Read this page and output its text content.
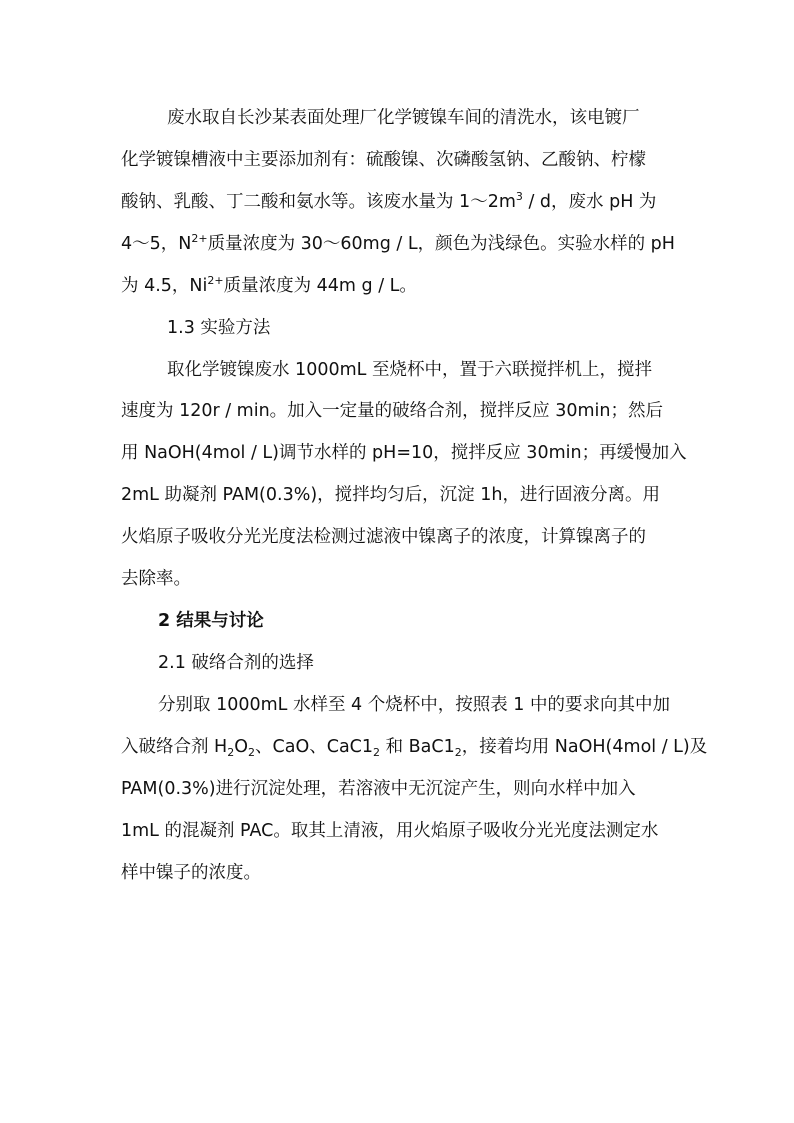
废水取自长沙某表面处理厂化学镀镍车间的清洗水，该电镀厂
化学镀镍槽液中主要添加剂有：硫酸镍、次磷酸氢钠、乙酸钠、柠檬
酸钠、乳酸、丁二酸和氨水等。该废水量为 $1\sim 2m^3$ / d，废水 pH 为
4～5，$N^{2+}$质量浓度为 30～60mg / L，颜色为浅绿色。实验水样的 pH
为 4.5，$Ni^{2+}$质量浓度为 44m g / L。
1.3 实验方法
取化学镀镍废水 1000mL 至烧杯中，置于六联搅拌机上，搅拌
速度为 120r / min。加入一定量的破络合剂，搅拌反应 30min；然后
用 NaOH(4mol / L)调节水样的 pH=10，搅拌反应 30min；再缓慢加入
2mL 助凝剂 PAM(0.3%)，搅拌均匀后，沉淀 1h，进行固液分离。用
火焰原子吸收分光光度法检测过滤液中镍离子的浓度，计算镍离子的
去除率。
2 结果与讨论
2.1 破络合剂的选择
分别取 1000mL 水样至 4 个烧杯中，按照表 1 中的要求向其中加
入破络合剂 $H_2O_2$、CaO、$CaC1_2$ 和 $BaC1_2$，接着均用 NaOH(4mol / L)及
PAM(0.3%)进行沉淀处理，若溶液中无沉淀产生，则向水样中加入
1mL 的混凝剂 PAC。取其上清液，用火焰原子吸收分光光度法测定水
样中镍子的浓度。
